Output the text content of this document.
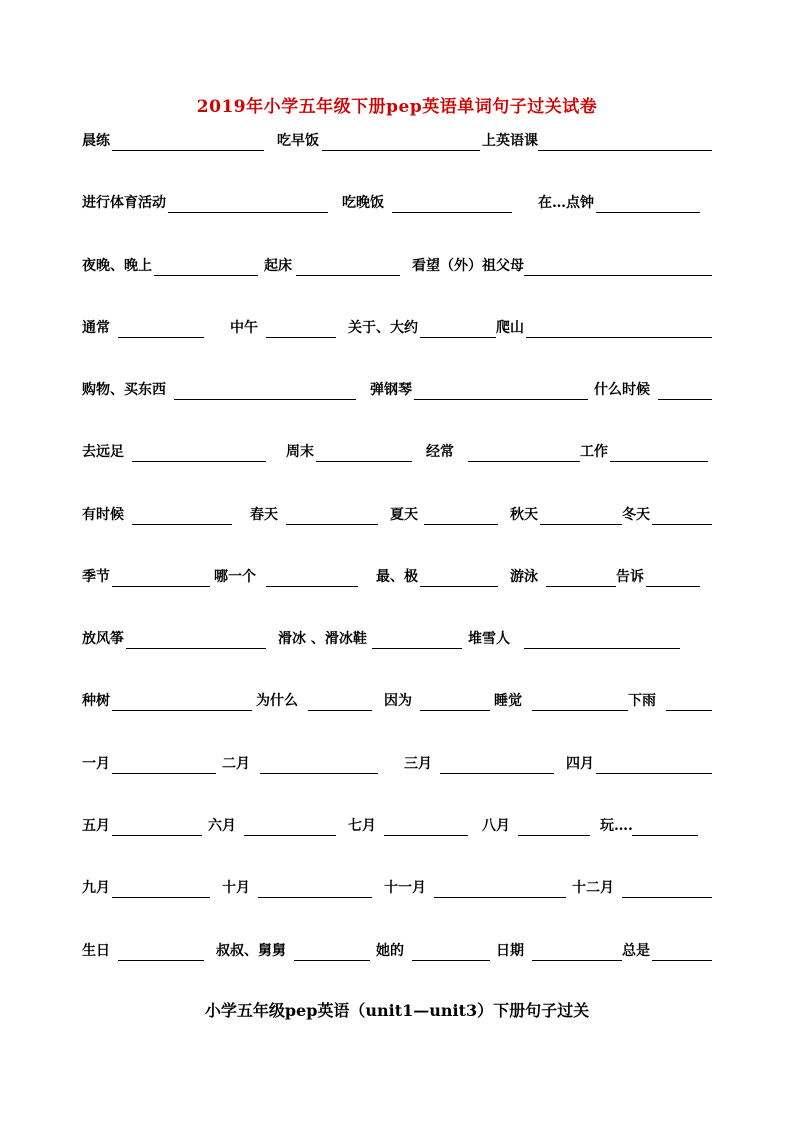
2019年小学五年级下册pep英语单词句子过关试卷
晨练	吃早饭	上英语课
进行体育活动	吃晚饭	在…点钟
夜晚、晚上	起床	看望（外）祖父母
通常	中午	关于、大约	爬山
购物、买东西	弹钢琴	什么时候
去远足	周末	经常	工作
有时候	春天	夏天	秋天	冬天
季节	哪一个	最、极	游泳	告诉
放风筝	滑冰 、滑冰鞋	堆雪人
种树	为什么	因为	睡觉	下雨
一月	二月	三月	四月
五月	六月	七月	八月	玩….
九月	十月	十一月	十二月
生日	叔叔、舅舅	她的	日期	总是
小学五年级pep英语（unit1—unit3）下册句子过关
